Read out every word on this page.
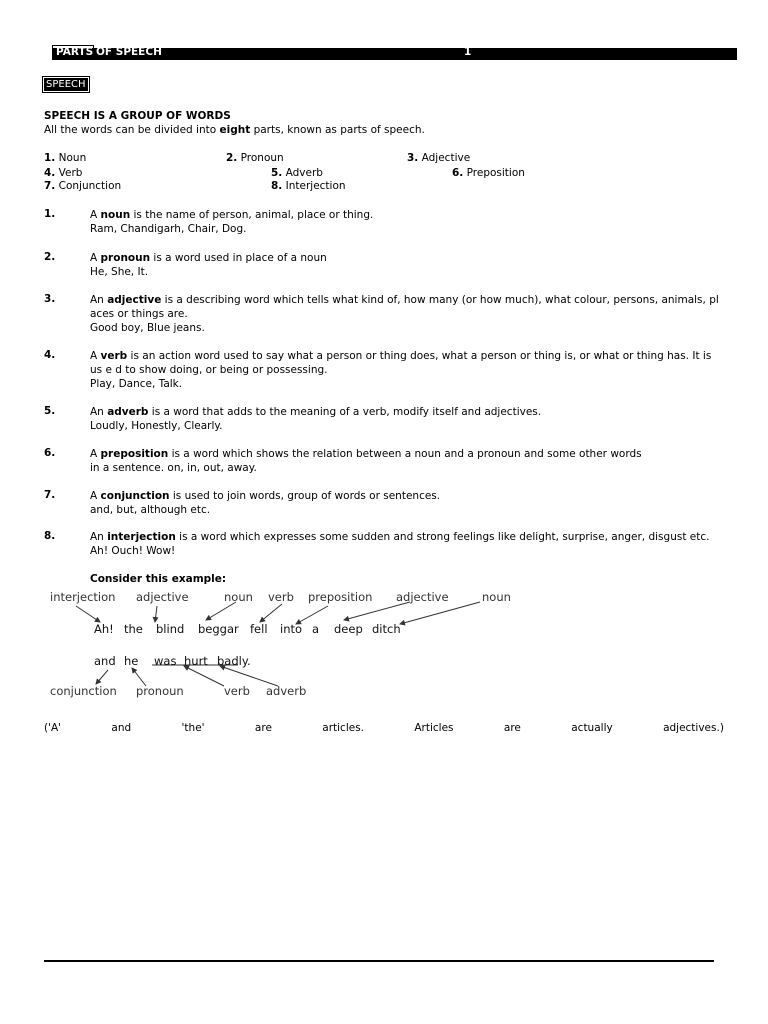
PARTS OF SPEECH	1
SPEECH
SPEECH IS A GROUP OF WORDS
All the words can be divided into eight parts, known as parts of speech.
1. Noun	2. Pronoun	3. Adjective
4. Verb	5. Adverb	6. Preposition
7. Conjunction	8. Interjection
1.	A noun is the name of person, animal, place or thing.
Ram, Chandigarh, Chair, Dog.
2.	A pronoun is a word used in place of a noun
He, She, It.
3.	An adjective is a describing word which tells what kind of, how many (or how much), what colour, persons, animals, pl aces or things are.
Good boy, Blue jeans.
4.	A verb is an action word used to say what a person or thing does, what a person or thing is, or what or thing has. It is us e d to show doing, or being or possessing.
Play, Dance, Talk.
5.	An adverb is a word that adds to the meaning of a verb, modify itself and adjectives.
Loudly, Honestly, Clearly.
6.	A preposition is a word which shows the relation between a noun and a pronoun and some other words in a sentence. on, in, out, away.
7.	A conjunction is used to join words, group of words or sentences.
and, but, although etc.
8.	An interjection is a word which expresses some sudden and strong feelings like delight, surprise, anger, disgust etc.
Ah! Ouch! Wow!
Consider this example:
interjection adjective	noun verb preposition adjective	noun
Ah! the blind beggar fell into a deep ditch
and he was hurt badly.
conjunction pronoun	verb adverb
('A'	and	'the'	are	articles.	Articles	are	actually	adjectives.)
